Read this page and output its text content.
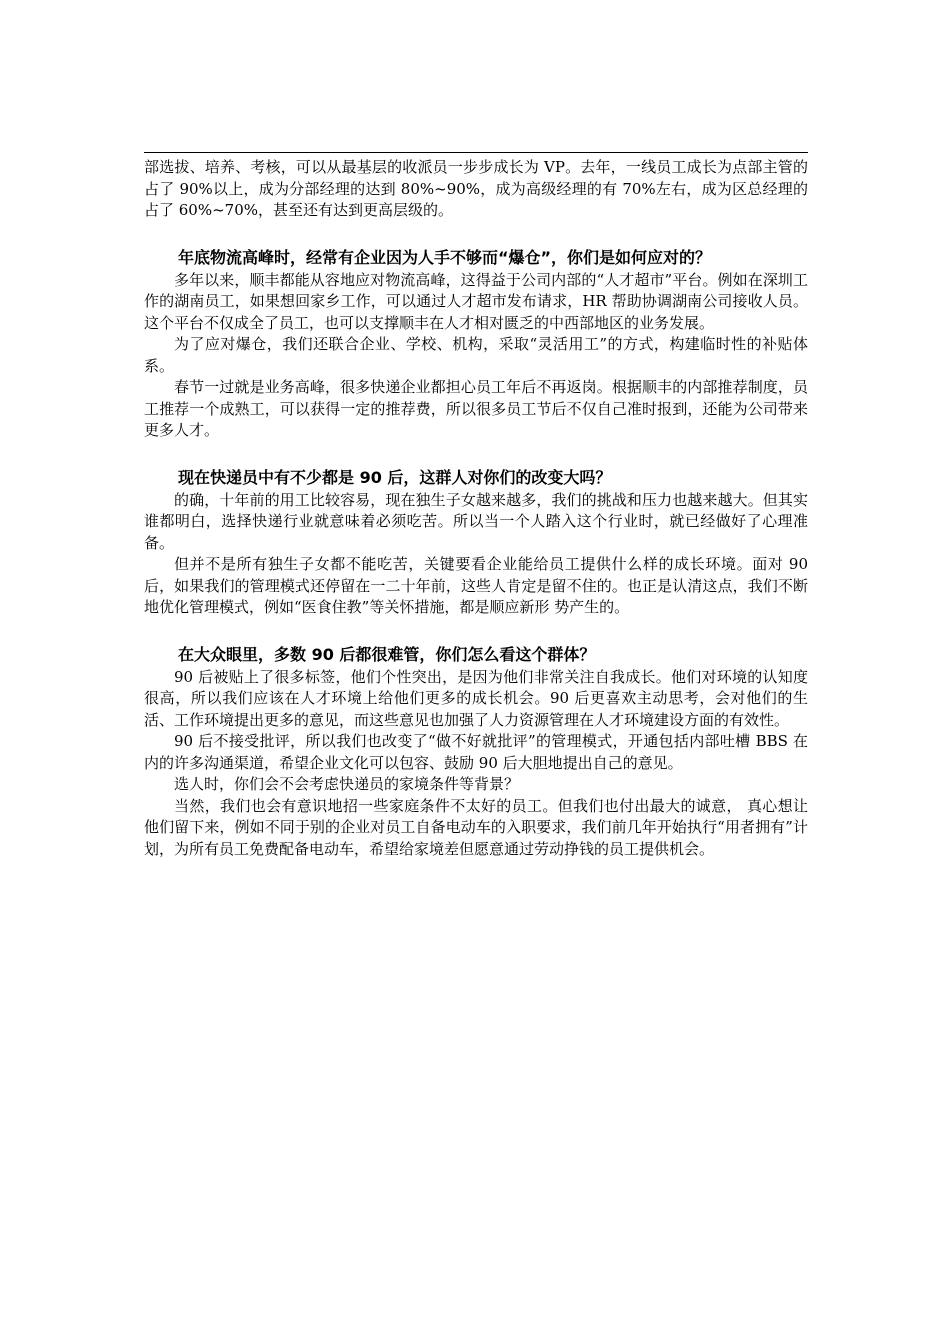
部选拔、培养、考核，可以从最基层的收派员一步步成长为 VP。去年，一线员工成长为点部主管的占了 90%以上，成为分部经理的达到 80%~90%，成为高级经理的有 70%左右，成为区总经理的占了 60%~70%，甚至还有达到更高层级的。

年底物流高峰时，经常有企业因为人手不够而“爆仓”，你们是如何应对的？

多年以来，顺丰都能从容地应对物流高峰，这得益于公司内部的“人才超市”平台。例如在深圳工作的湖南员工，如果想回家乡工作，可以通过人才超市发布请求，HR 帮助协调湖南公司接收人员。这个平台不仅成全了员工，也可以支撑顺丰在人才相对匮乏的中西部地区的业务发展。

为了应对爆仓，我们还联合企业、学校、机构，采取“灵活用工”的方式，构建临时性的补贴体系。

春节一过就是业务高峰，很多快递企业都担心员工年后不再返岗。根据顺丰的内部推荐制度，员工推荐一个成熟工，可以获得一定的推荐费，所以很多员工节后不仅自己准时报到，还能为公司带来更多人才。

现在快递员中有不少都是 90 后，这群人对你们的改变大吗？

的确，十年前的用工比较容易，现在独生子女越来越多，我们的挑战和压力也越来越大。但其实谁都明白，选择快递行业就意味着必须吃苦。所以当一个人踏入这个行业时，就已经做好了心理准备。

但并不是所有独生子女都不能吃苦，关键要看企业能给员工提供什么样的成长环境。面对 90 后，如果我们的管理模式还停留在一二十年前，这些人肯定是留不住的。也正是认清这点，我们不断地优化管理模式，例如“医食住教”等关怀措施，都是顺应新形 势产生的。

在大众眼里，多数 90 后都很难管，你们怎么看这个群体？

90 后被贴上了很多标签，他们个性突出，是因为他们非常关注自我成长。他们对环境的认知度很高，所以我们应该在人才环境上给他们更多的成长机会。90 后更喜欢主动思考，会对他们的生活、工作环境提出更多的意见，而这些意见也加强了人力资源管理在人才环境建设方面的有效性。

90 后不接受批评，所以我们也改变了“做不好就批评”的管理模式，开通包括内部吐槽 BBS 在内的许多沟通渠道，希望企业文化可以包容、鼓励 90 后大胆地提出自己的意见。

选人时，你们会不会考虑快递员的家境条件等背景？

当然，我们也会有意识地招一些家庭条件不太好的员工。但我们也付出最大的诚意， 真心想让他们留下来，例如不同于别的企业对员工自备电动车的入职要求，我们前几年开始执行“用者拥有”计划，为所有员工免费配备电动车，希望给家境差但愿意通过劳动挣钱的员工提供机会。
